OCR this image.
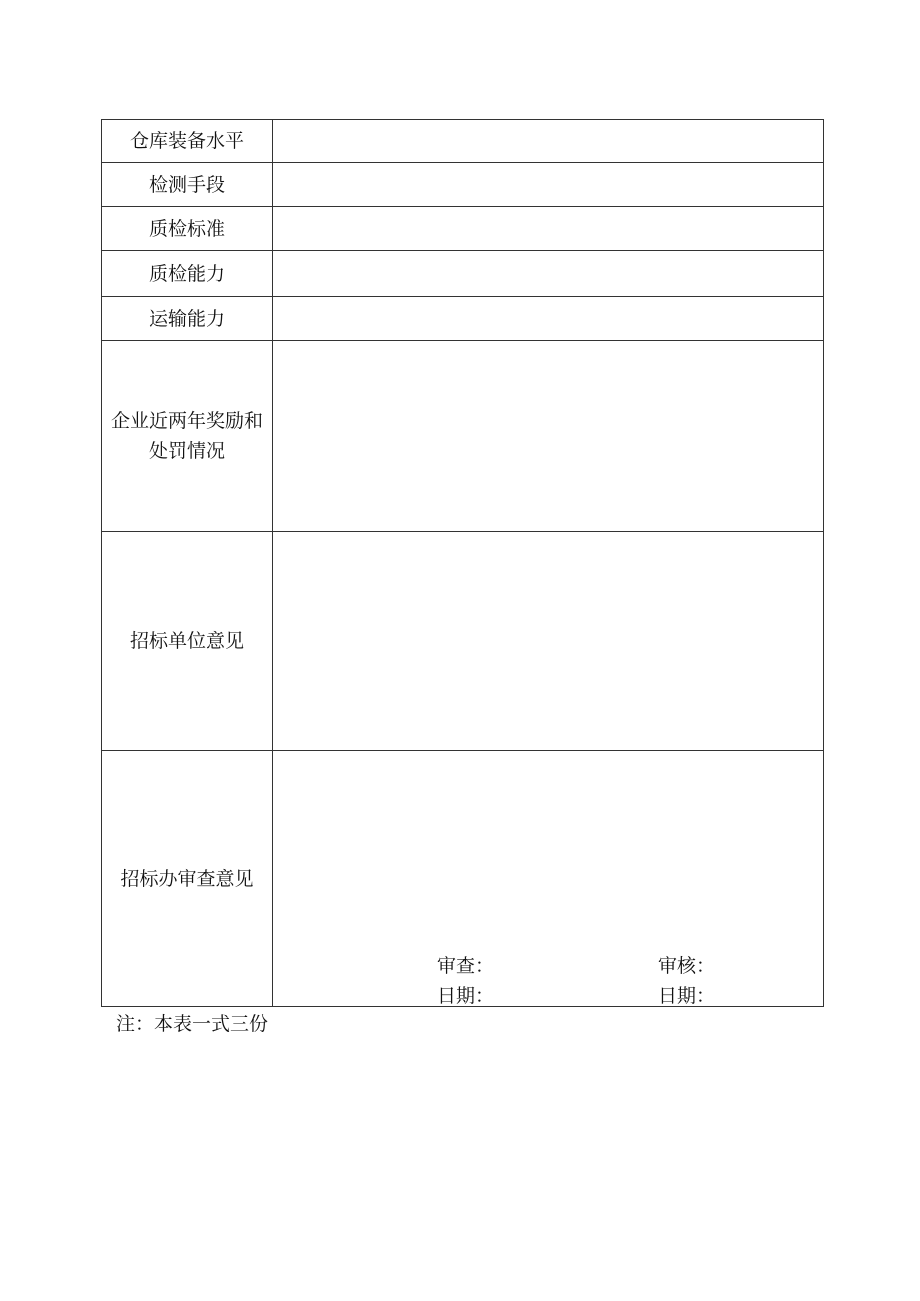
仓库装备水平	
检测手段	
质检标准	
质检能力	
运输能力	
企业近两年奖励和处罚情况	
招标单位意见	
招标办审查意见	审查： 审核：
日期： 日期：
注：本表一式三份
